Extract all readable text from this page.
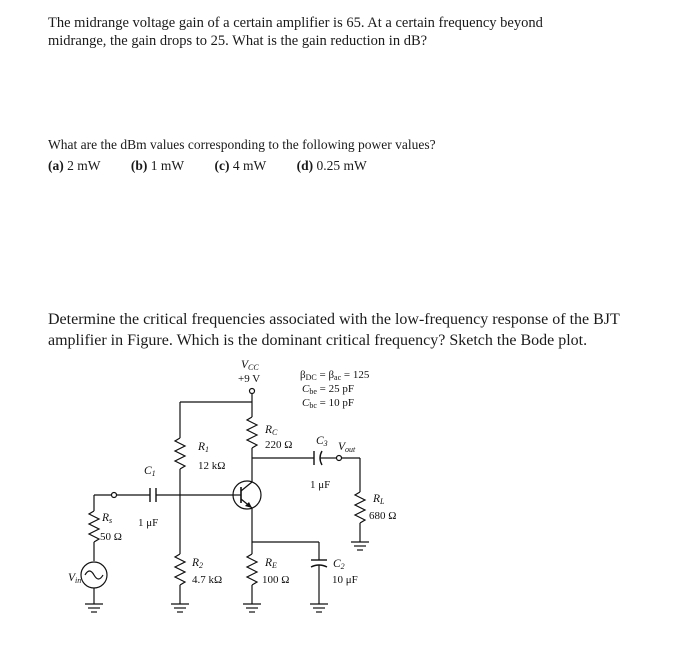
The midrange voltage gain of a certain amplifier is 65. At a certain frequency beyond
midrange, the gain drops to 25. What is the gain reduction in dB?
What are the dBm values corresponding to the following power values?
(a) 2 mW (b) 1 mW (c) 4 mW (d) 0.25 mW
Determine the critical frequencies associated with the low-frequency response of the BJT
amplifier in Figure. Which is the dominant critical frequency? Sketch the Bode plot.
VCC
+9 V	βDC = βac = 125
Cbe = 25 pF
Cbc = 10 pF
R1
12 kΩ
RC
220 Ω C3 Vout
1 μF
RL
680 Ω
C1
1 μF
Rs
50 Ω
Vin
R2
4.7 kΩ
RE
100 Ω
C2
10 μF
